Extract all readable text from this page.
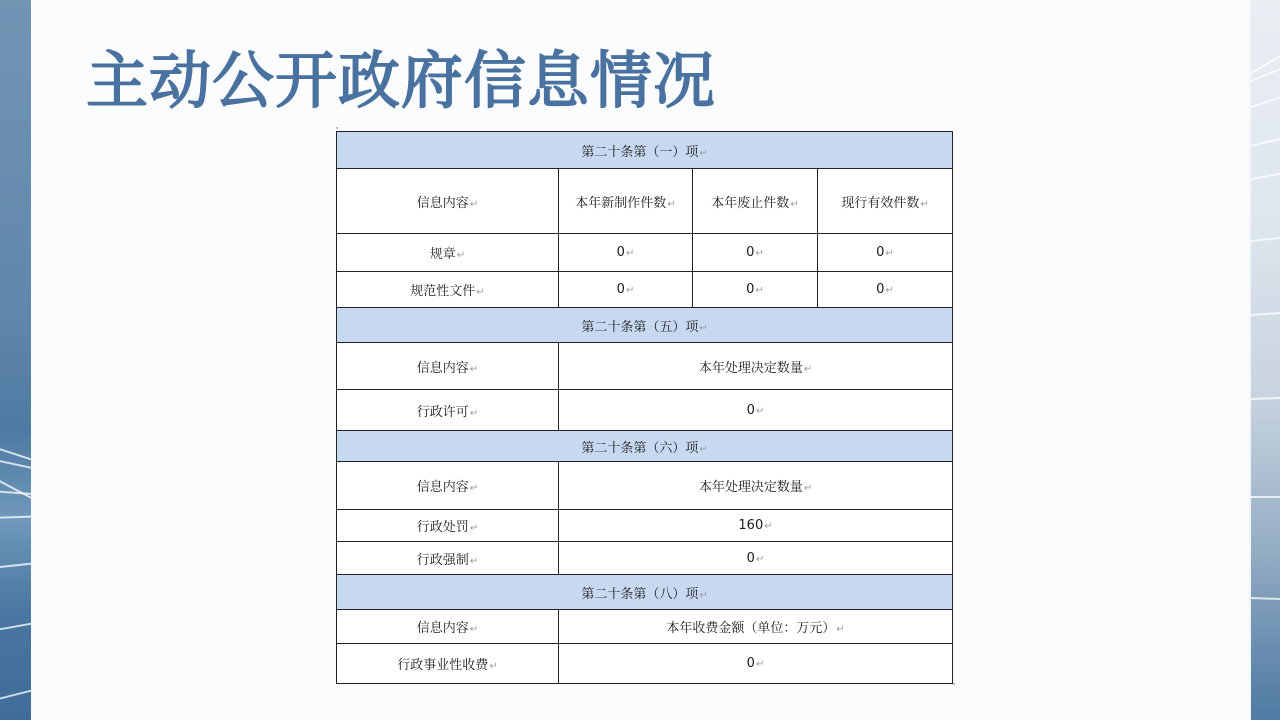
主动公开政府信息情况
第二十条第（一）项↵			
信息内容↵	本年新制作件数↵	本年废止件数↵	现行有效件数↵
规章↵	0↵	0↵	0↵
规范性文件↵	0↵	0↵	0↵
第二十条第（五）项↵			
信息内容↵	本年处理决定数量↵		
行政许可↵	0↵		
第二十条第（六）项↵			
信息内容↵	本年处理决定数量↵		
行政处罚↵	160↵		
行政强制↵	0↵		
第二十条第（八）项↵			
信息内容↵	本年收费金额（单位：万元）↵		
行政事业性收费↵	0↵		
